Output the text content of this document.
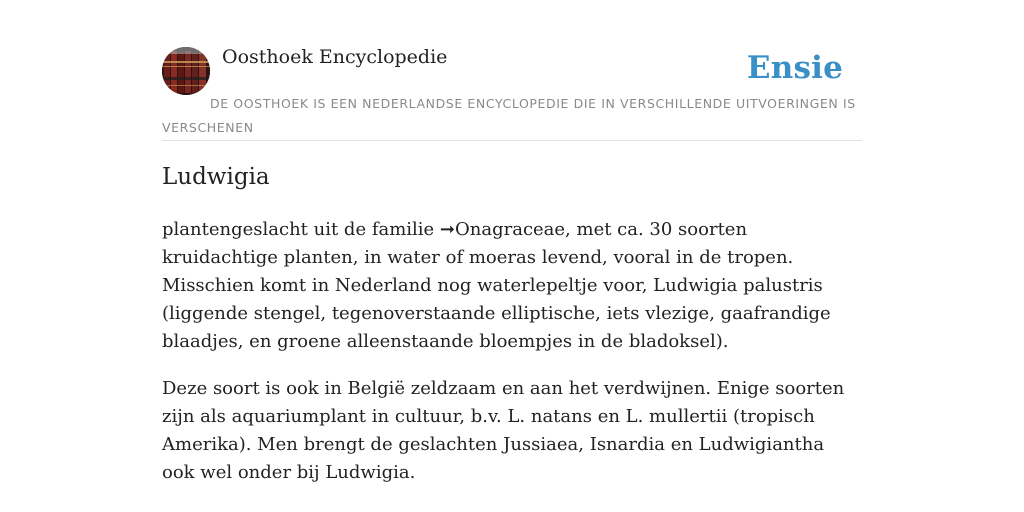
Oosthoek Encyclopedie	Ensie
DE OOSTHOEK IS EEN NEDERLANDSE ENCYCLOPEDIE DIE IN VERSCHILLENDE UITVOERINGEN IS VERSCHENEN
Ludwigia

plantengeslacht uit de familie ➞Onagraceae, met ca. 30 soorten kruidachtige planten, in water of moeras levend, vooral in de tropen. Misschien komt in Nederland nog waterlepeltje voor, Ludwigia palustris (liggende stengel, tegenoverstaande elliptische, iets vlezige, gaafrandige blaadjes, en groene alleenstaande bloempjes in de bladoksel).

Deze soort is ook in België zeldzaam en aan het verdwijnen. Enige soorten zijn als aquariumplant in cultuur, b.v. L. natans en L. mullertii (tropisch Amerika). Men brengt de geslachten Jussiaea, Isnardia en Ludwigiantha ook wel onder bij Ludwigia.
